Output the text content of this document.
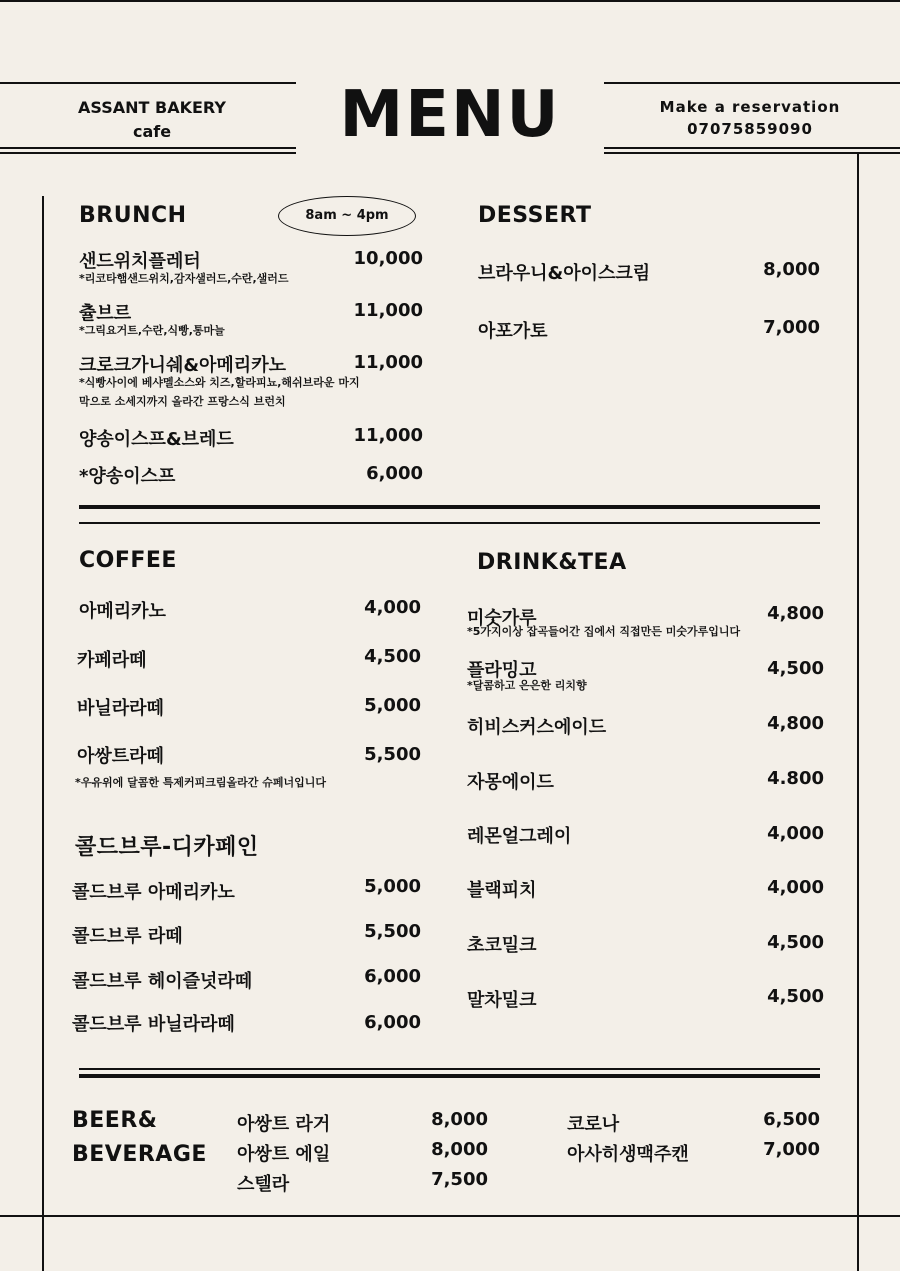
ASSANT BAKERY
cafe	MENU	Make a reservation
07075859090
BRUNCH	8am ~ 4pm
샌드위치플레터	10,000
*리코타햄샌드위치,감자샐러드,수란,샐러드
츌브르	11,000
*그릭요거트,수란,식빵,통마늘
크로크가니쉐&아메리카노	11,000
*식빵사이에 베샤멜소스와 치즈,할라피뇨,해쉬브라운 마지
막으로 소세지까지 올라간 프랑스식 브런치
양송이스프&브레드	11,000
*양송이스프	6,000
DESSERT
브라우니&아이스크림	8,000
아포가토	7,000
COFFEE
아메리카노	4,000
카페라떼	4,500
바닐라라떼	5,000
아쌍트라떼	5,500
*우유위에 달콤한 특제커피크림올라간 슈페너입니다
콜드브루-디카페인
콜드브루 아메리카노	5,000
콜드브루 라떼	5,500
콜드브루 헤이즐넛라떼	6,000
콜드브루 바닐라라떼	6,000
DRINK&TEA
미숫가루	4,800
*5가지이상 잡곡들어간 집에서 직접만든 미숫가루입니다
플라밍고	4,500
*달콤하고 은은한 리치향
히비스커스에이드	4,800
자몽에이드	4.800
레몬얼그레이	4,000
블랙피치	4,000
초코밀크	4,500
말차밀크	4,500
BEER&
BEVERAGE
아쌍트 라거	8,000
아쌍트 에일	8,000
스텔라	7,500
코로나	6,500
아사히생맥주캔	7,000
